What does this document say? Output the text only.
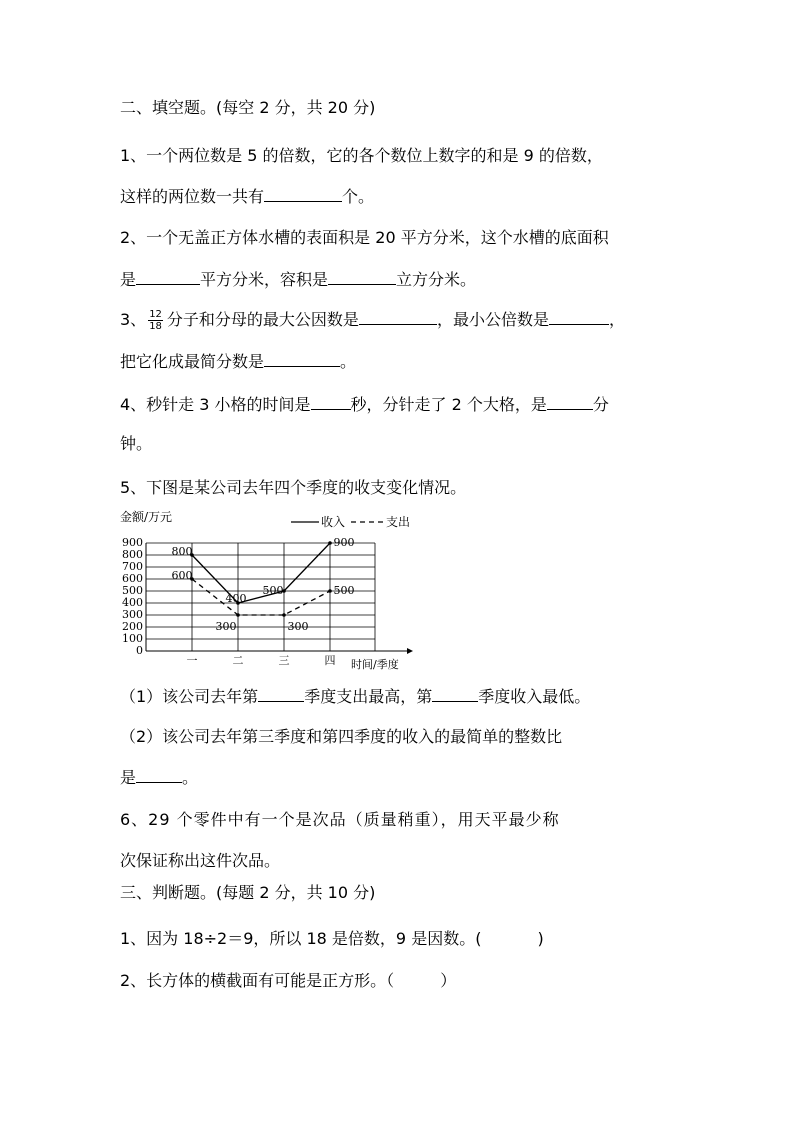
二、填空题。(每空 2 分，共 20 分)
1、一个两位数是 5 的倍数，它的各个数位上数字的和是 9 的倍数，
这样的两位数一共有	个。
2、一个无盖正方体水槽的表面积是 20 平方分米，这个水槽的底面积
是	平方分米，容积是	立方分米。
3、 $\frac{12}{18}$ 分子和分母的最大公因数是	，最小公倍数是	，
把它化成最简分数是	。
4、秒针走 3 小格的时间是	秒，分针走了 2 个大格，是	分
钟。
5、下图是某公司去年四个季度的收支变化情况。
0
100
200
300
400
500
600
700
800
900
金额/万元
时间/季度
一	二	三	四
800
400
500
900
600
300	300
500
收入	支出
（1）该公司去年第	季度支出最高，第	季度收入最低。
（2）该公司去年第三季度和第四季度的收入的最简单的整数比
是	。
6、29 个零件中有一个是次品（质量稍重），用天平最少称
次保证称出这件次品。
三、判断题。(每题 2 分，共 10 分)
1、因为 18÷2＝9，所以 18 是倍数，9 是因数。(	)
2、长方体的横截面有可能是正方形。（	）
